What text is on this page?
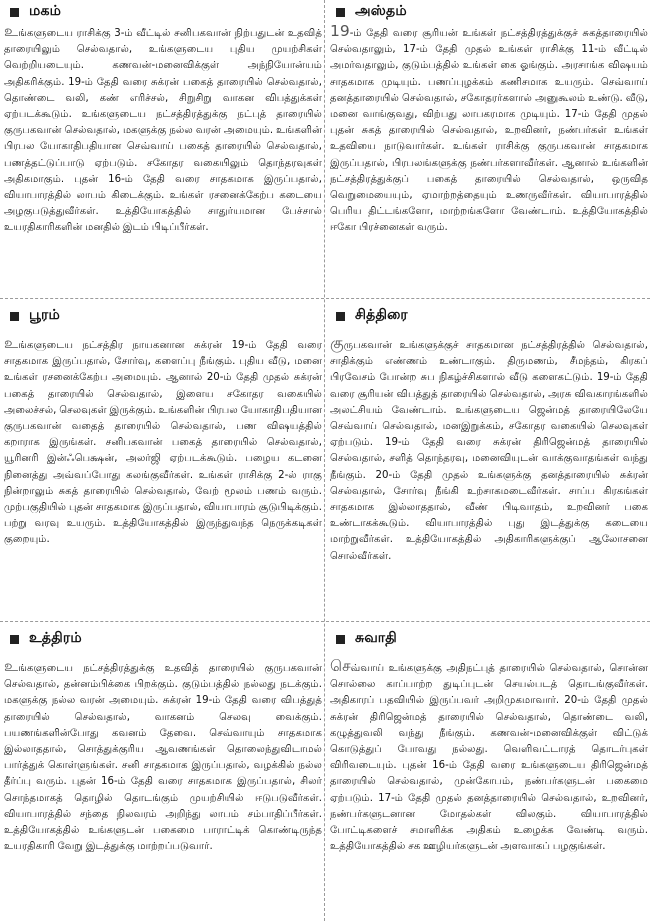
மகம்
உங்களுடைய ராசிக்கு 3-ம் வீட்டில் சனிபகவான் நிற்பதுடன் உதவித் தாரையிலும் செல்வதால், உங்களுடைய புதிய முயற்சிகள் வெற்றியடையும். கணவன்-மனைவிக்குள் அந்நியோன்யம் அதிகரிக்கும். 19-ம் தேதி வரை சுக்ரன் பகைத் தாரையில் செல்வதால், தொண்டை வலி, கண் எரிச்சல், சிறுசிறு வாகன விபத்துக்கள் ஏற்படக்கூடும். உங்களுடைய நட்சத்திரத்துக்கு நட்புத் தாரையில் குருபகவான் செல்வதால், மகளுக்கு நல்ல வரன் அமையும். உங்களின் பிரபல யோகாதிபதியான செவ்வாய் பகைத் தாரையில் செல்வதால், பணத்தட்டுப்பாடு ஏற்படும். சகோதர வகையிலும் தொந்தரவுகள் அதிகமாகும். புதன் 16-ம் தேதி வரை சாதகமாக இருப்பதால், வியாபாரத்தில் லாபம் கிடைக்கும். உங்கள் ரசனைக்கேற்ப கடையை அழகுபடுத்துவீர்கள். உத்தியோகத்தில் சாதுர்யமான பேச்சால் உயரதிகாரிகளின் மனதில் இடம் பிடிப்பீர்கள்.
பூரம்
உங்களுடைய நட்சத்திர நாயகனான சுக்ரன் 19-ம் தேதி வரை சாதகமாக இருப்பதால், சோர்வு, களைப்பு நீங்கும். புதிய வீடு, மனை உங்கள் ரசனைக்கேற்ப அமையும். ஆனால் 20-ம் தேதி முதல் சுக்ரன் பகைத் தாரையில் செல்வதால், இளைய சகோதர வகையில் அலைச்சல், செலவுகள் இருக்கும். உங்களின் பிரபல யோகாதிபதியான குருபகவான் வதைத் தாரையில் செல்வதால், பண விஷயத்தில் கறாராக இருங்கள். சனிபகவான் பகைத் தாரையில் செல்வதால், யூரினரி இன்ஃபெக்ஷன், அலர்ஜி ஏற்படக்கூடும். பழைய கடனை நினைத்து அவ்வப்போது கலங்குவீர்கள். உங்கள் ராசிக்கு 2-ல் ராகு நின்றாலும் சுகத் தாரையில் செல்வதால், வேற் மூலம் பணம் வரும். முற்பகுதியில் புதன் சாதகமாக இருப்பதால், வியாபாரம் சூடுபிடிக்கும். பற்று வரவு உயரும். உத்தியோகத்தில் இருந்துவந்த நெருக்கடிகள் குறையும்.
உத்திரம்
உங்களுடைய நட்சத்திரத்துக்கு உதவித் தாரையில் குருபகவான் செல்வதால், தன்னம்பிக்கை பிறக்கும். குடும்பத்தில் நல்லது நடக்கும். மகளுக்கு நல்ல வரன் அமையும். சுக்ரன் 19-ம் தேதி வரை விபத்துத் தாரையில் செல்வதால், வாகனம் செலவு வைக்கும். பயணங்களின்போது கவனம் தேவை. செவ்வாயும் சாதகமாக இல்லாததால், சொத்துக்குரிய ஆவணங்கள் தொலைந்துவிடாமல் பார்த்துக் கொள்ளுங்கள். சனி சாதகமாக இருப்பதால், வழக்கில் நல்ல தீர்ப்பு வரும். புதன் 16-ம் தேதி வரை சாதகமாக இருப்பதால், சிலர் சொந்தமாகத் தொழில் தொடங்கும் முயற்சியில் ஈடுபடுவீர்கள். வியாபாரத்தில் சந்தை நிலவரம் அறிந்து லாபம் சம்பாதிப்பீர்கள். உத்தியோகத்தில் உங்களுடன் பகைமை பாராட்டிக் கொண்டிருந்த உயரதிகாரி வேறு இடத்துக்கு மாற்றப்படுவார்.
அஸ்தம்
19-ம் தேதி வரை சூரியன் உங்கள் நட்சத்திரத்துக்குச் சுகத்தாரையில் செல்வதாலும், 17-ம் தேதி முதல் உங்கள் ராசிக்கு 11-ம் வீட்டில் அமர்வதாலும், குடும்பத்தில் உங்கள் கை ஓங்கும். அரசாங்க விஷயம் சாதகமாக முடியும். பணப்புழக்கம் கணிசமாக உயரும். செவ்வாய் தனத்தாரையில் செல்வதால், சகோதரர்களால் அனுகூலம் உண்டு. வீடு, மனை வாங்குவது, விற்பது லாபகரமாக முடியும். 17-ம் தேதி முதல் புதன் சுகத் தாரையில் செல்வதால், உறவினர், நண்பர்கள் உங்கள் உதவியை நாடுவார்கள். உங்கள் ராசிக்கு குருபகவான் சாதகமாக இருப்பதால், பிரபலங்களுக்கு நண்பர்களாவீர்கள். ஆனால் உங்களின் நட்சத்திரத்துக்குப் பகைத் தாரையில் செல்வதால், ஒருவித வெறுமையையும், ஏமாற்றத்தையும் உணருவீர்கள். வியாபாரத்தில் பெரிய திட்டங்களோ, மாற்றங்களோ வேண்டாம். உத்தியோகத்தில் ஈகோ பிரச்னைகள் வரும்.
சித்திரை
குருபகவான் உங்களுக்குச் சாதகமான நட்சத்திரத்தில் செல்வதால், சாதிக்கும் எண்ணம் உண்டாகும். திருமணம், சீமந்தம், கிரகப் பிரவேசம் போன்ற சுப நிகழ்ச்சிகளால் வீடு களைகட்டும். 19-ம் தேதி வரை சூரியன் விபத்துத் தாரையில் செல்வதால், அரசு விவகாரங்களில் அலட்சியம் வேண்டாம். உங்களுடைய ஜென்மத் தாரையிலேயே செவ்வாய் செல்வதால், மனஇறுக்கம், சகோதர வகையில் செலவுகள் ஏற்படும். 19-ம் தேதி வரை சுக்ரன் திரிஜென்மத் தாரையில் செல்வதால், சளித் தொந்தரவு, மனைவியுடன் வாக்குவாதங்கள் வந்து நீங்கும். 20-ம் தேதி முதல் உங்களுக்கு தனத்தாரையில் சுக்ரன் செல்வதால், சோர்வு நீங்கி உற்சாகமடைவீர்கள். சாப்ப கிரகங்கள் சாதகமாக இல்லாததால், வீண் பிடிவாதம், உறவினர் பகை உண்டாகக்கூடும். வியாபாரத்தில் புது இடத்துக்கு கடையை மாற்றுவீர்கள். உத்தியோகத்தில் அதிகாரிகளுக்குப் ஆலோசனை சொல்வீர்கள்.
சுவாதி
செவ்வாய் உங்களுக்கு அதிநட்புத் தாரையில் செல்வதால், சொன்ன சொல்லை காப்பாற்ற துடிப்புடன் செயல்படத் தொடங்குவீர்கள். அதிகாரப் பதவியில் இருப்பவர் அறிமுகமாவார். 20-ம் தேதி முதல் சுக்ரன் திரிஜென்மத் தாரையில் செல்வதால், தொண்டை வலி, கழுத்துவலி வந்து நீங்கும். கணவன்-மனைவிக்குள் விட்டுக் கொடுத்துப் போவது நல்லது. வெளிவட்டாரத் தொடர்புகள் விரிவடையும். புதன் 16-ம் தேதி வரை உங்களுடைய திரிஜென்மத் தாரையில் செல்வதால், முன்கோபம், நண்பர்களுடன் பகைமை ஏற்படும். 17-ம் தேதி முதல் தனத்தாரையில் செல்வதால், உறவினர், நண்பர்களுடனான மோதல்கள் விலகும். வியாபாரத்தில் போட்டிகளைச் சமாளிக்க அதிகம் உழைக்க வேண்டி வரும். உத்தியோகத்தில் சக ஊழியர்களுடன் அளவாகப் பழகுங்கள்.
